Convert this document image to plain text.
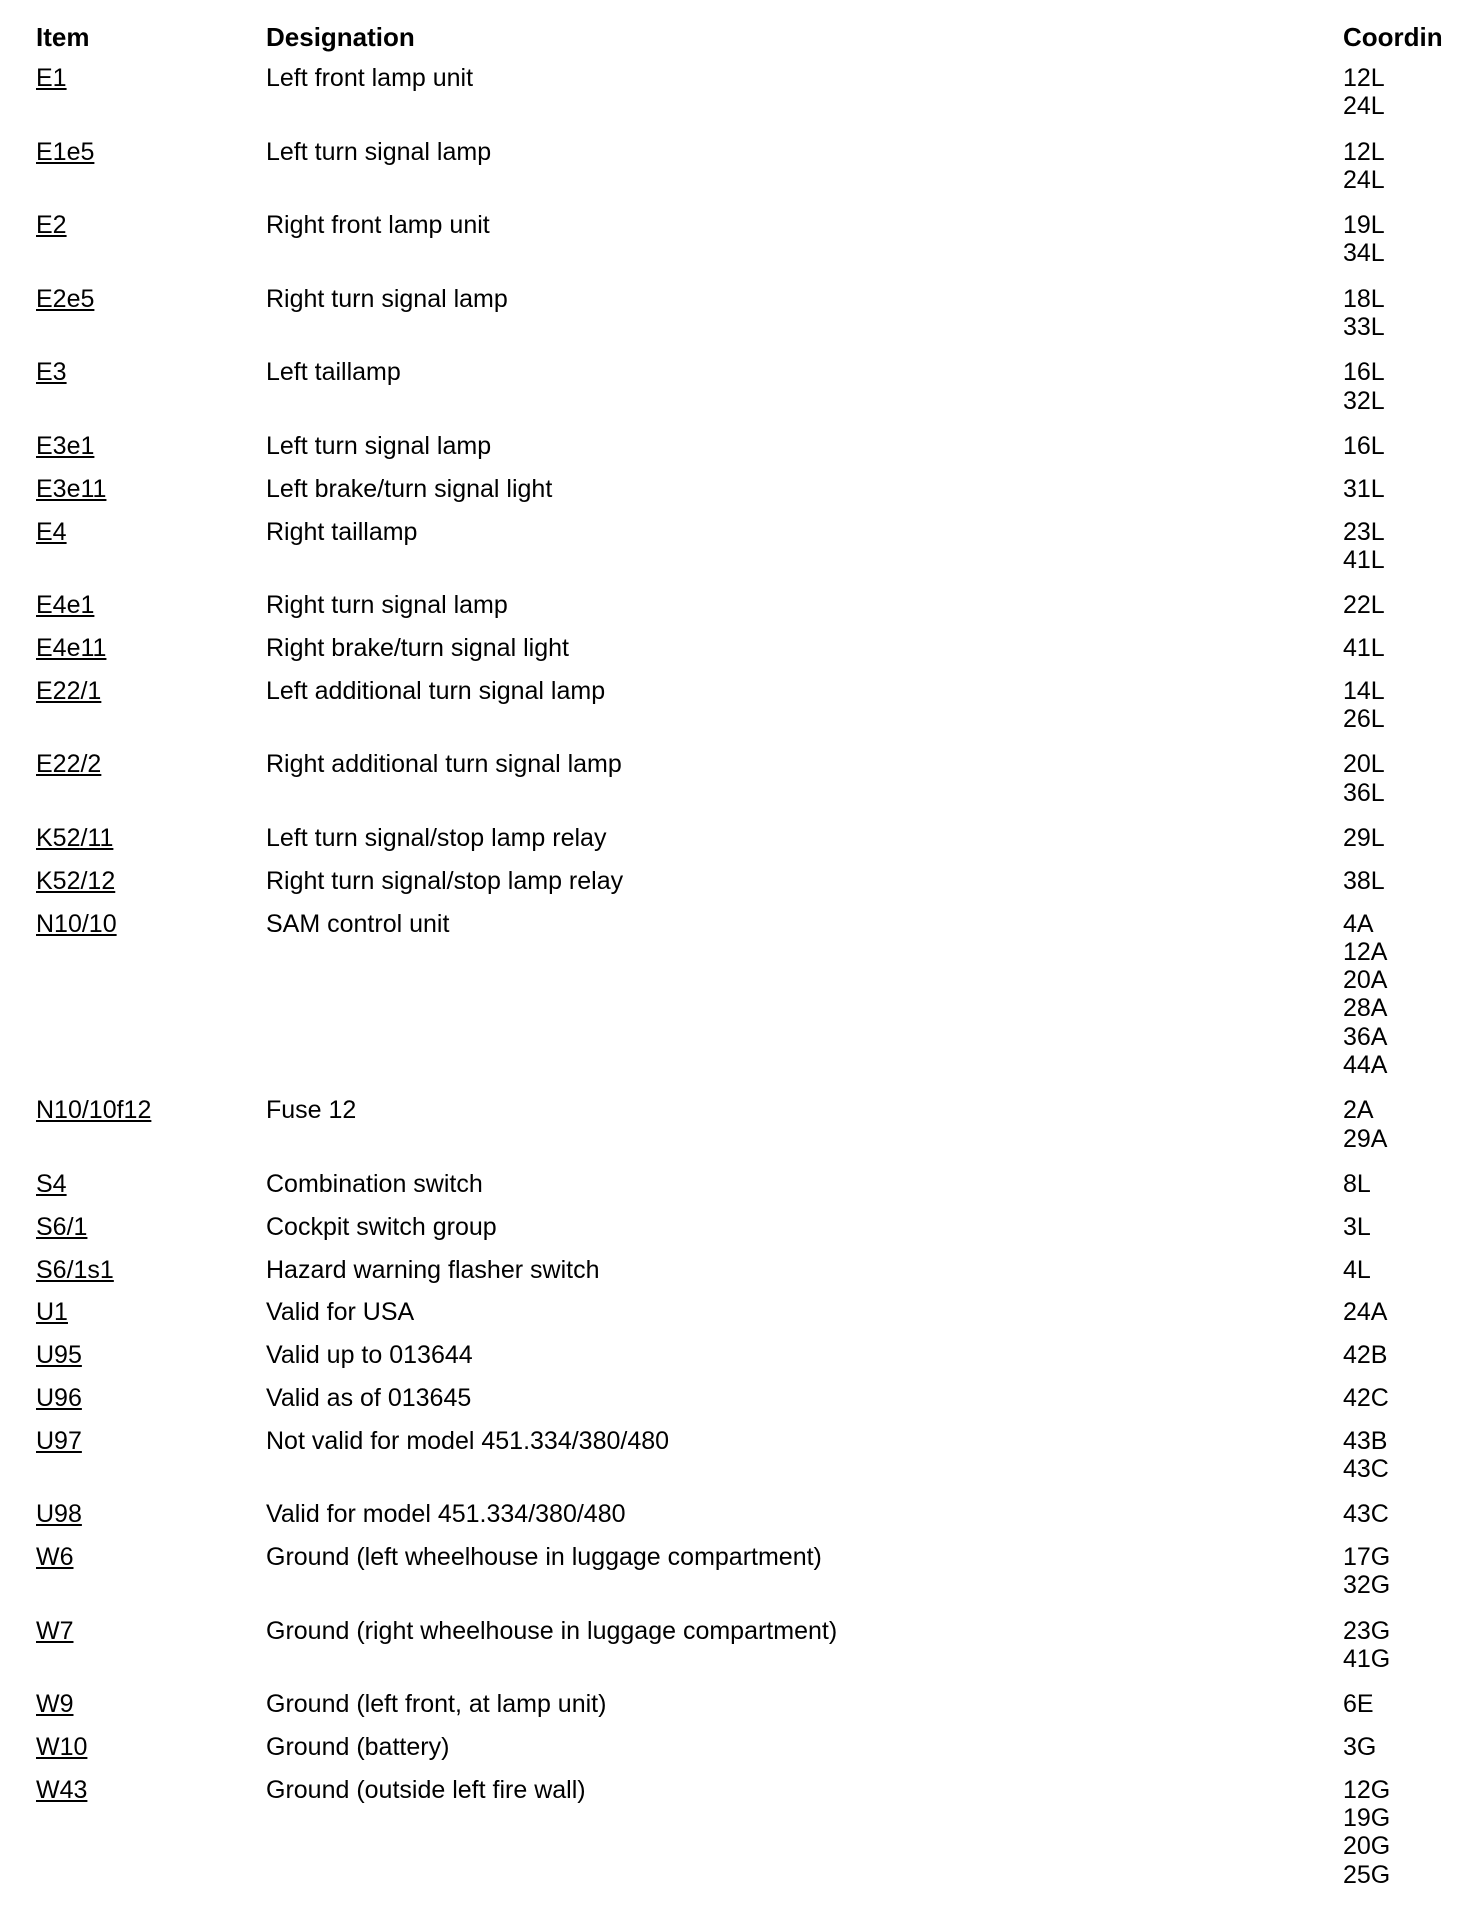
Item	Designation	Coordin
E1	Left front lamp unit	12L
24L
E1e5	Left turn signal lamp	12L
24L
E2	Right front lamp unit	19L
34L
E2e5	Right turn signal lamp	18L
33L
E3	Left taillamp	16L
32L
E3e1	Left turn signal lamp	16L
E3e11	Left brake/turn signal light	31L
E4	Right taillamp	23L
41L
E4e1	Right turn signal lamp	22L
E4e11	Right brake/turn signal light	41L
E22/1	Left additional turn signal lamp	14L
26L
E22/2	Right additional turn signal lamp	20L
36L
K52/11	Left turn signal/stop lamp relay	29L
K52/12	Right turn signal/stop lamp relay	38L
N10/10	SAM control unit	4A
12A
20A
28A
36A
44A
N10/10f12	Fuse 12	2A
29A
S4	Combination switch	8L
S6/1	Cockpit switch group	3L
S6/1s1	Hazard warning flasher switch	4L
U1	Valid for USA	24A
U95	Valid up to 013644	42B
U96	Valid as of 013645	42C
U97	Not valid for model 451.334/380/480	43B
43C
U98	Valid for model 451.334/380/480	43C
W6	Ground (left wheelhouse in luggage compartment)	17G
32G
W7	Ground (right wheelhouse in luggage compartment)	23G
41G
W9	Ground (left front, at lamp unit)	6E
W10	Ground (battery)	3G
W43	Ground (outside left fire wall)	12G
19G
20G
25G
